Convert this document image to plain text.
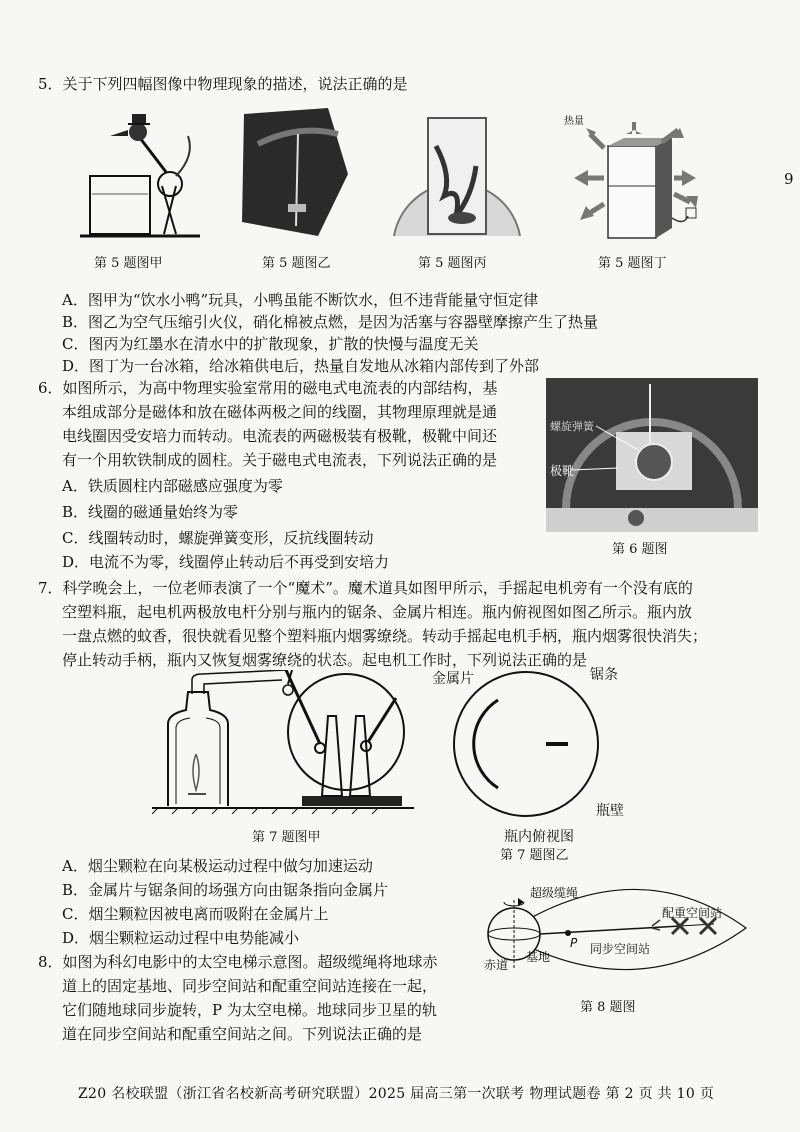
9
5．关于下列四幅图像中物理现象的描述，说法正确的是
第 5 题图甲	第 5 题图乙	第 5 题图丙
热量
第 5 题图丁
A．图甲为“饮水小鸭”玩具，小鸭虽能不断饮水，但不违背能量守恒定律
B．图乙为空气压缩引火仪，硝化棉被点燃，是因为活塞与容器壁摩擦产生了热量
C．图丙为红墨水在清水中的扩散现象，扩散的快慢与温度无关
D．图丁为一台冰箱，给冰箱供电后，热量自发地从冰箱内部传到了外部
6．如图所示，为高中物理实验室常用的磁电式电流表的内部结构，基
本组成部分是磁体和放在磁体两极之间的线圈，其物理原理就是通
电线圈因受安培力而转动。电流表的两磁极装有极靴，极靴中间还
有一个用软铁制成的圆柱。关于磁电式电流表，下列说法正确的是
A．铁质圆柱内部磁感应强度为零
B．线圈的磁通量始终为零
C．线圈转动时，螺旋弹簧变形，反抗线圈转动
D．电流不为零，线圈停止转动后不再受到安培力
螺旋弹簧
极靴
第 6 题图
7．科学晚会上，一位老师表演了一个“魔术”。魔术道具如图甲所示，手摇起电机旁有一个没有底的
空塑料瓶，起电机两极放电杆分别与瓶内的锯条、金属片相连。瓶内俯视图如图乙所示。瓶内放
一盘点燃的蚊香，很快就看见整个塑料瓶内烟雾缭绕。转动手摇起电机手柄，瓶内烟雾很快消失；
停止转动手柄，瓶内又恢复烟雾缭绕的状态。起电机工作时，下列说法正确的是
第 7 题图甲
金属片	锯条
瓶壁
瓶内俯视图
第 7 题图乙
A．烟尘颗粒在向某极运动过程中做匀加速运动
B．金属片与锯条间的场强方向由锯条指向金属片
C．烟尘颗粒因被电离而吸附在金属片上
D．烟尘颗粒运动过程中电势能减小
8．如图为科幻电影中的太空电梯示意图。超级缆绳将地球赤
道上的固定基地、同步空间站和配重空间站连接在一起，
它们随地球同步旋转，P 为太空电梯。地球同步卫星的轨
道在同步空间站和配重空间站之间。下列说法正确的是
超级缆绳
配重空间站
P 同步空间站
赤道
基地
第 8 题图
Z20 名校联盟（浙江省名校新高考研究联盟）2025 届高三第一次联考 物理试题卷 第 2 页 共 10 页
